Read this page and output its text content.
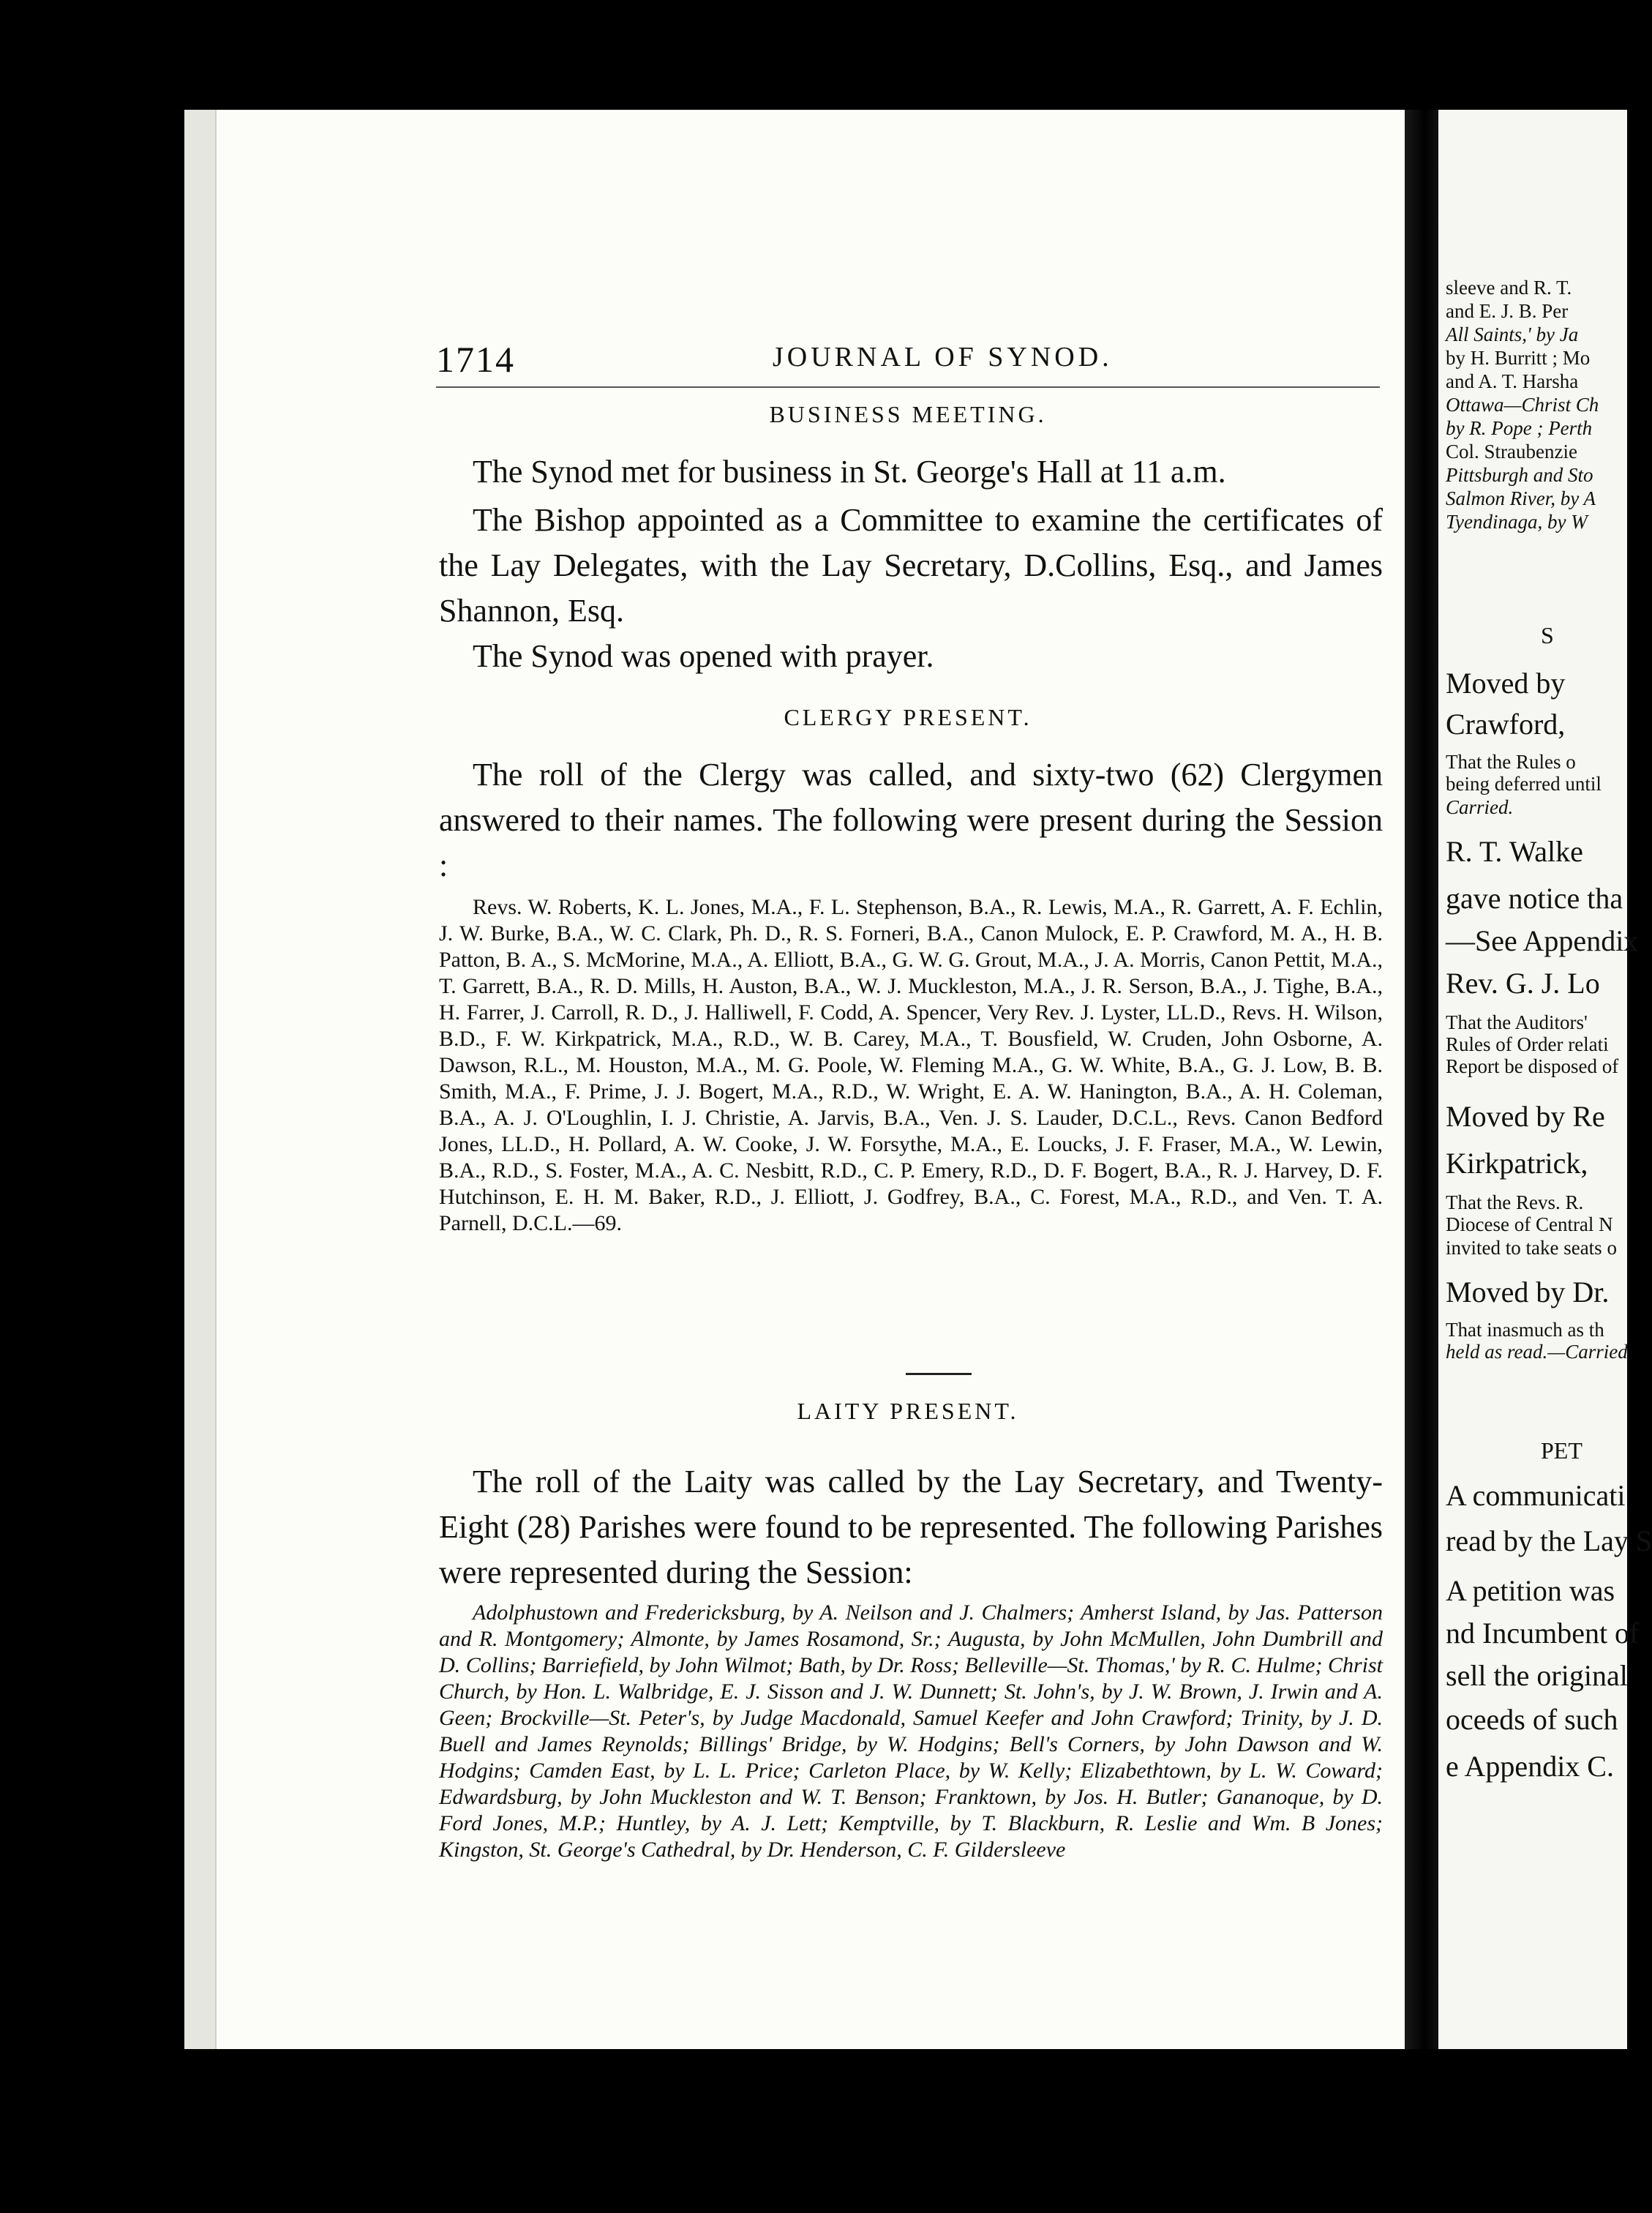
1714	JOURNAL OF SYNOD.
BUSINESS MEETING.
The Synod met for business in St. George's Hall at 11 a.m.
The Bishop appointed as a Committee to examine the certificates of the Lay Delegates, with the Lay Secretary, D.Collins, Esq., and James Shannon, Esq.
The Synod was opened with prayer.
CLERGY PRESENT.
The roll of the Clergy was called, and sixty-two (62) Clergymen answered to their names. The following were present during the Session :
Revs. W. Roberts, K. L. Jones, M.A., F. L. Stephenson, B.A., R. Lewis, M.A., R. Garrett, A. F. Echlin, J. W. Burke, B.A., W. C. Clark, Ph. D., R. S. Forneri, B.A., Canon Mulock, E. P. Crawford, M. A., H. B. Patton, B. A., S. McMorine, M.A., A. Elliott, B.A., G. W. G. Grout, M.A., J. A. Morris, Canon Pettit, M.A., T. Garrett, B.A., R. D. Mills, H. Auston, B.A., W. J. Muckleston, M.A., J. R. Serson, B.A., J. Tighe, B.A., H. Farrer, J. Carroll, R. D., J. Halliwell, F. Codd, A. Spencer, Very Rev. J. Lyster, LL.D., Revs. H. Wilson, B.D., F. W. Kirkpatrick, M.A., R.D., W. B. Carey, M.A., T. Bousfield, W. Cruden, John Osborne, A. Dawson, R.L., M. Houston, M.A., M. G. Poole, W. Fleming M.A., G. W. White, B.A., G. J. Low, B. B. Smith, M.A., F. Prime, J. J. Bogert, M.A., R.D., W. Wright, E. A. W. Hanington, B.A., A. H. Coleman, B.A., A. J. O'Loughlin, I. J. Christie, A. Jarvis, B.A., Ven. J. S. Lauder, D.C.L., Revs. Canon Bedford Jones, LL.D., H. Pollard, A. W. Cooke, J. W. Forsythe, M.A., E. Loucks, J. F. Fraser, M.A., W. Lewin, B.A., R.D., S. Foster, M.A., A. C. Nesbitt, R.D., C. P. Emery, R.D., D. F. Bogert, B.A., R. J. Harvey, D. F. Hutchinson, E. H. M. Baker, R.D., J. Elliott, J. Godfrey, B.A., C. Forest, M.A., R.D., and Ven. T. A. Parnell, D.C.L.—69.
LAITY PRESENT.
The roll of the Laity was called by the Lay Secretary, and Twenty-Eight (28) Parishes were found to be represented. The following Parishes were represented during the Session:
Adolphustown and Fredericksburg, by A. Neilson and J. Chalmers; Amherst Island, by Jas. Patterson and R. Montgomery; Almonte, by James Rosamond, Sr.; Augusta, by John McMullen, John Dumbrill and D. Collins; Barriefield, by John Wilmot; Bath, by Dr. Ross; Belleville—St. Thomas,' by R. C. Hulme; Christ Church, by Hon. L. Walbridge, E. J. Sisson and J. W. Dunnett; St. John's, by J. W. Brown, J. Irwin and A. Geen; Brockville—St. Peter's, by Judge Macdonald, Samuel Keefer and John Crawford; Trinity, by J. D. Buell and James Reynolds; Billings' Bridge, by W. Hodgins; Bell's Corners, by John Dawson and W. Hodgins; Camden East, by L. L. Price; Carleton Place, by W. Kelly; Elizabethtown, by L. W. Coward; Edwardsburg, by John Muckleston and W. T. Benson; Franktown, by Jos. H. Butler; Gananoque, by D. Ford Jones, M.P.; Huntley, by A. J. Lett; Kemptville, by T. Blackburn, R. Leslie and Wm. B Jones; Kingston, St. George's Cathedral, by Dr. Henderson, C. F. Gildersleeve
sleeve and R. T.
and E. J. B. Per
All Saints,' by Ja
by H. Burritt ; Mo
and A. T. Harsha
Ottawa—Christ Ch
by R. Pope ; Perth
Col. Straubenzie
Pittsburgh and Sto
Salmon River, by A
Tyendinaga, by W
S
Moved by
Crawford,
That the Rules o
being deferred until
Carried.
R. T. Walke
gave notice tha
—See Appendix
Rev. G. J. Lo
That the Auditors'
Rules of Order relati
Report be disposed of
Moved by Re
Kirkpatrick,
That the Revs. R.
Diocese of Central N
invited to take seats o
Moved by Dr.
That inasmuch as th
held as read.—Carried
PET
A communicati
read by the Lay S
A petition was
nd Incumbent of
sell the original
oceeds of such
e Appendix C.
